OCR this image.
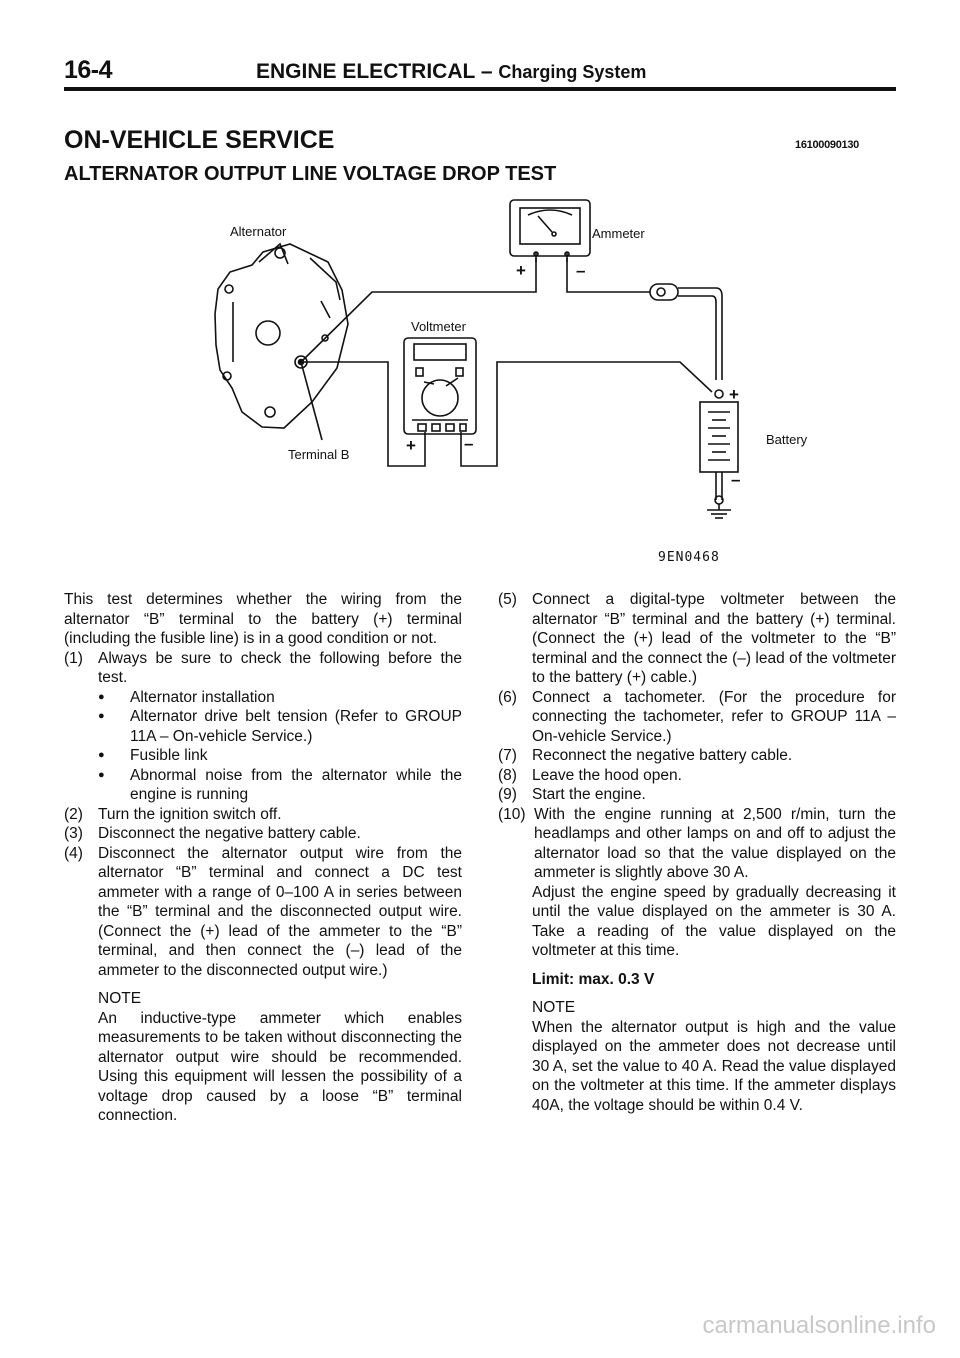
16-4	ENGINE ELECTRICAL – Charging System
ON-VEHICLE SERVICE	16100090130
ALTERNATOR OUTPUT LINE VOLTAGE DROP TEST
Alternator	Ammeter
+	–
Voltmeter
+	–
Terminal B
+
–
Battery
9EN0468

This test determines whether the wiring from the alternator “B” terminal to the battery (+) terminal (including the fusible line) is in a good condition or not.

(1) Always be sure to check the following before the test.
●	Alternator installation
●	Alternator drive belt tension (Refer to GROUP 11A – On-vehicle Service.)
●	Fusible link
●	Abnormal noise from the alternator while the engine is running
(2) Turn the ignition switch off.
(3) Disconnect the negative battery cable.
(4) Disconnect the alternator output wire from the alternator “B” terminal and connect a DC test ammeter with a range of 0–100 A in series between the “B” terminal and the disconnected output wire. (Connect the (+) lead of the ammeter to the “B” terminal, and then connect the (–) lead of the ammeter to the disconnected output wire.)

NOTE

An inductive-type ammeter which enables measurements to be taken without disconnecting the alternator output wire should be recommended. Using this equipment will lessen the possibility of a voltage drop caused by a loose “B” terminal connection.

(5) Connect a digital-type voltmeter between the alternator “B” terminal and the battery (+) terminal. (Connect the (+) lead of the voltmeter to the “B” terminal and the connect the (–) lead of the voltmeter to the battery (+) cable.)
(6) Connect a tachometer. (For the procedure for connecting the tachometer, refer to GROUP 11A – On-vehicle Service.)
(7) Reconnect the negative battery cable.
(8) Leave the hood open.
(9) Start the engine.
(10) With the engine running at 2,500 r/min, turn the headlamps and other lamps on and off to adjust the alternator load so that the value displayed on the ammeter is slightly above 30 A.

Adjust the engine speed by gradually decreasing it until the value displayed on the ammeter is 30 A. Take a reading of the value displayed on the voltmeter at this time.

Limit: max. 0.3 V

NOTE

When the alternator output is high and the value displayed on the ammeter does not decrease until 30 A, set the value to 40 A. Read the value displayed on the voltmeter at this time. If the ammeter displays 40A, the voltage should be within 0.4 V.

carmanualsonline.info
